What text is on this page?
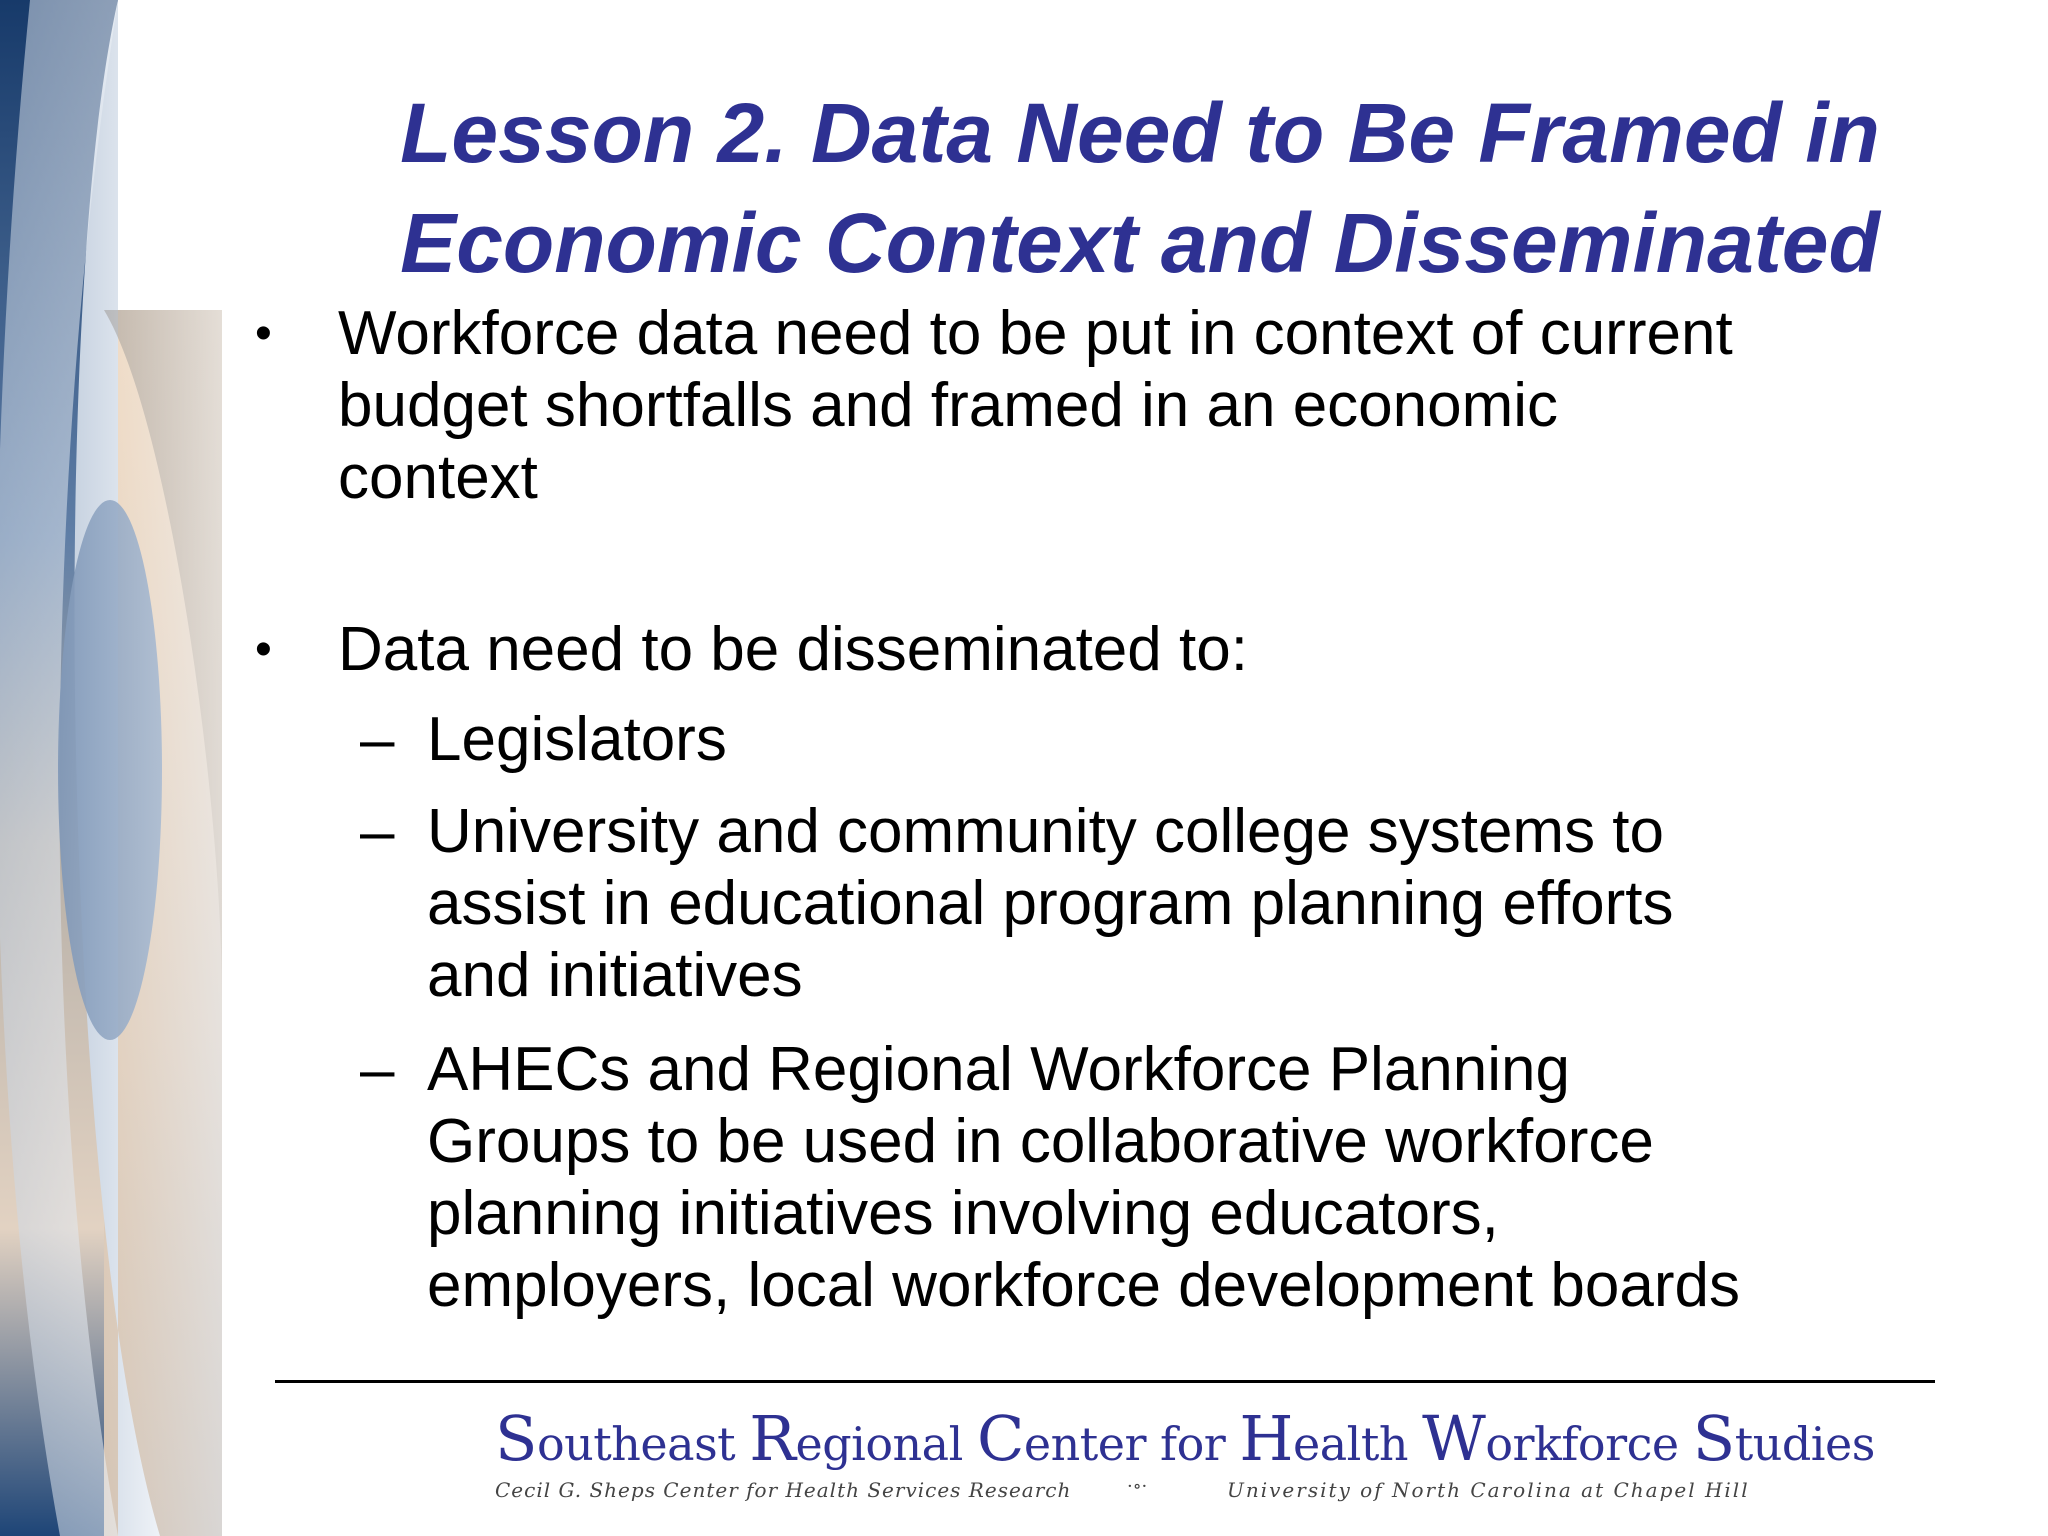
Lesson 2. Data Need to Be Framed in
Economic Context and Disseminated
• Workforce data need to be put in context of current
budget shortfalls and framed in an economic
context
• Data need to be disseminated to:
– Legislators
– University and community college systems to
assist in educational program planning efforts
and initiatives
– AHECs and Regional Workforce Planning
Groups to be used in collaborative workforce
planning initiatives involving educators,
employers, local workforce development boards
Southeast Regional Center for Health Workforce Studies
Cecil G. Sheps Center for Health Services Research	·∘·	University of North Carolina at Chapel Hill
